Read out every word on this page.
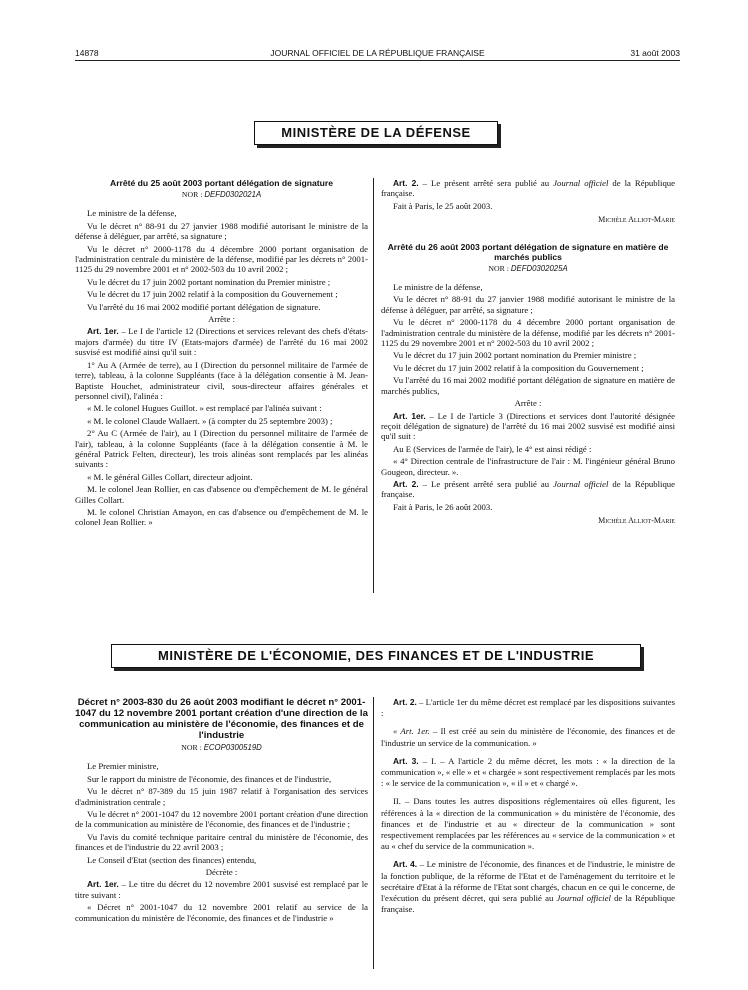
14878	JOURNAL OFFICIEL DE LA RÉPUBLIQUE FRANÇAISE	31 août 2003
MINISTÈRE DE LA DÉFENSE
Arrêté du 25 août 2003 portant délégation de signature
NOR : DEFD0302021A

Le ministre de la défense,

Vu le décret n° 88-91 du 27 janvier 1988 modifié autorisant le ministre de la défense à déléguer, par arrêté, sa signature ;

Vu le décret n° 2000-1178 du 4 décembre 2000 portant organisation de l'administration centrale du ministère de la défense, modifié par les décrets n° 2001-1125 du 29 novembre 2001 et n° 2002-503 du 10 avril 2002 ;

Vu le décret du 17 juin 2002 portant nomination du Premier ministre ;

Vu le décret du 17 juin 2002 relatif à la composition du Gouvernement ;

Vu l'arrêté du 16 mai 2002 modifié portant délégation de signature.

Arrête :

Art. 1er. – Le I de l'article 12 (Directions et services relevant des chefs d'états-majors d'armée) du titre IV (Etats-majors d'armée) de l'arrêté du 16 mai 2002 susvisé est modifié ainsi qu'il suit :

1° Au A (Armée de terre), au I (Direction du personnel militaire de l'armée de terre), tableau, à la colonne Suppléants (face à la délégation consentie à M. Jean-Baptiste Houchet, administrateur civil, sous-directeur affaires générales et personnel civil), l'alinéa :

« M. le colonel Hugues Guillot. » est remplacé par l'alinéa suivant :

« M. le colonel Claude Wallaert. » (à compter du 25 septembre 2003) ;

2° Au C (Armée de l'air), au I (Direction du personnel militaire de l'armée de l'air), tableau, à la colonne Suppléants (face à la délégation consentie à M. le général Patrick Felten, directeur), les trois alinéas sont remplacés par les alinéas suivants :

« M. le général Gilles Collart, directeur adjoint.

M. le colonel Jean Rollier, en cas d'absence ou d'empêchement de M. le général Gilles Collart.

M. le colonel Christian Amayon, en cas d'absence ou d'empêchement de M. le colonel Jean Rollier. »

Art. 2. – Le présent arrêté sera publié au Journal officiel de la République française.

Fait à Paris, le 25 août 2003.

Michèle Alliot-Marie

Arrêté du 26 août 2003 portant délégation de signature en matière de marchés publics
NOR : DEFD0302025A

Le ministre de la défense,

Vu le décret n° 88-91 du 27 janvier 1988 modifié autorisant le ministre de la défense à déléguer, par arrêté, sa signature ;

Vu le décret n° 2000-1178 du 4 décembre 2000 portant organisation de l'administration centrale du ministère de la défense, modifié par les décrets n° 2001-1125 du 29 novembre 2001 et n° 2002-503 du 10 avril 2002 ;

Vu le décret du 17 juin 2002 portant nomination du Premier ministre ;

Vu le décret du 17 juin 2002 relatif à la composition du Gouvernement ;

Vu l'arrêté du 16 mai 2002 modifié portant délégation de signature en matière de marchés publics,

Arrête :

Art. 1er. – Le I de l'article 3 (Directions et services dont l'autorité désignée reçoit délégation de signature) de l'arrêté du 16 mai 2002 susvisé est modifié ainsi qu'il suit :

Au E (Services de l'armée de l'air), le 4° est ainsi rédigé :

« 4° Direction centrale de l'infrastructure de l'air : M. l'ingénieur général Bruno Gougeon, directeur. ».

Art. 2. – Le présent arrêté sera publié au Journal officiel de la République française.

Fait à Paris, le 26 août 2003.

Michèle Alliot-Marie

MINISTÈRE DE L'ÉCONOMIE, DES FINANCES ET DE L'INDUSTRIE
Décret n° 2003-830 du 26 août 2003 modifiant le décret n° 2001-1047 du 12 novembre 2001 portant création d'une direction de la communication au ministère de l'économie, des finances et de l'industrie
NOR : ECOP0300519D

Le Premier ministre,

Sur le rapport du ministre de l'économie, des finances et de l'industrie,

Vu le décret n° 87-389 du 15 juin 1987 relatif à l'organisation des services d'administration centrale ;

Vu le décret n° 2001-1047 du 12 novembre 2001 portant création d'une direction de la communication au ministère de l'économie, des finances et de l'industrie ;

Vu l'avis du comité technique paritaire central du ministère de l'économie, des finances et de l'industrie du 22 avril 2003 ;

Le Conseil d'Etat (section des finances) entendu,

Décrète :

Art. 1er. – Le titre du décret du 12 novembre 2001 susvisé est remplacé par le titre suivant :

« Décret n° 2001-1047 du 12 novembre 2001 relatif au service de la communication du ministère de l'économie, des finances et de l'industrie »

Art. 2. – L'article 1er du même décret est remplacé par les dispositions suivantes :

« Art. 1er. – Il est créé au sein du ministère de l'économie, des finances et de l'industrie un service de la communication. »

Art. 3. – I. – A l'article 2 du même décret, les mots : « la direction de la communication », « elle » et « chargée » sont respectivement remplacés par les mots : « le service de la communication », « il » et « chargé ».

II. – Dans toutes les autres dispositions réglementaires où elles figurent, les références à la « direction de la communication » du ministère de l'économie, des finances et de l'industrie et au « directeur de la communication » sont respectivement remplacées par les références au « service de la communication » et au « chef du service de la communication ».

Art. 4. – Le ministre de l'économie, des finances et de l'industrie, le ministre de la fonction publique, de la réforme de l'Etat et de l'aménagement du territoire et le secrétaire d'Etat à la réforme de l'Etat sont chargés, chacun en ce qui le concerne, de l'exécution du présent décret, qui sera publié au Journal officiel de la République française.
